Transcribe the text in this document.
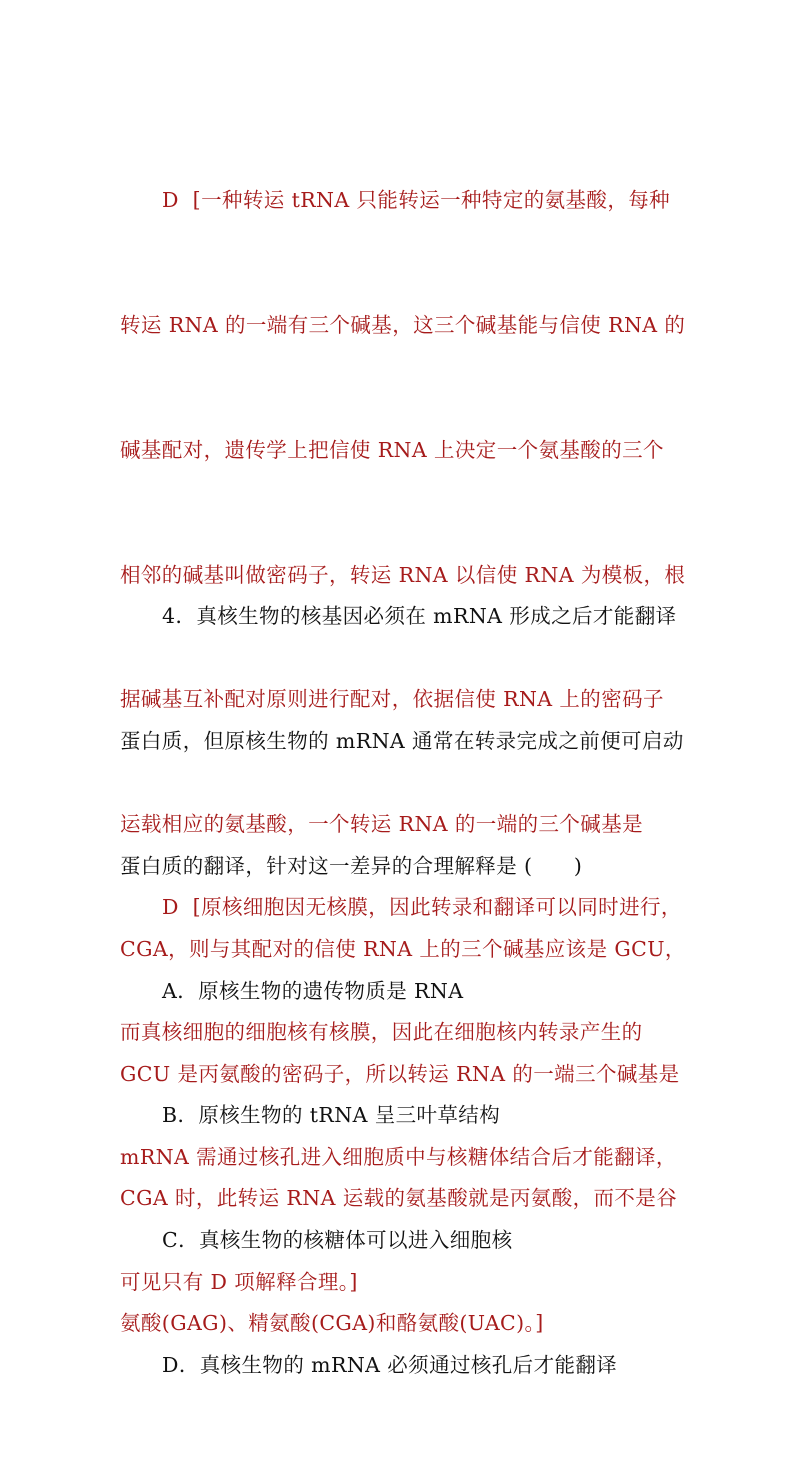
D  [一种转运 tRNA 只能转运一种特定的氨基酸，每种

转运 RNA 的一端有三个碱基，这三个碱基能与信使 RNA 的

碱基配对，遗传学上把信使 RNA 上决定一个氨基酸的三个

相邻的碱基叫做密码子，转运 RNA 以信使 RNA 为模板，根

据碱基互补配对原则进行配对，依据信使 RNA 上的密码子

运载相应的氨基酸，一个转运 RNA 的一端的三个碱基是

CGA，则与其配对的信使 RNA 上的三个碱基应该是 GCU，

GCU 是丙氨酸的密码子，所以转运 RNA 的一端三个碱基是

CGA 时，此转运 RNA 运载的氨基酸就是丙氨酸，而不是谷

氨酸(GAG)、精氨酸(CGA)和酪氨酸(UAC)。]

4．真核生物的核基因必须在 mRNA 形成之后才能翻译

蛋白质，但原核生物的 mRNA 通常在转录完成之前便可启动

蛋白质的翻译，针对这一差异的合理解释是 (      )

A．原核生物的遗传物质是 RNA

B．原核生物的 tRNA 呈三叶草结构

C．真核生物的核糖体可以进入细胞核

D．真核生物的 mRNA 必须通过核孔后才能翻译

D  [原核细胞因无核膜，因此转录和翻译可以同时进行，

而真核细胞的细胞核有核膜，因此在细胞核内转录产生的

mRNA 需通过核孔进入细胞质中与核糖体结合后才能翻译，

可见只有 D 项解释合理。]
